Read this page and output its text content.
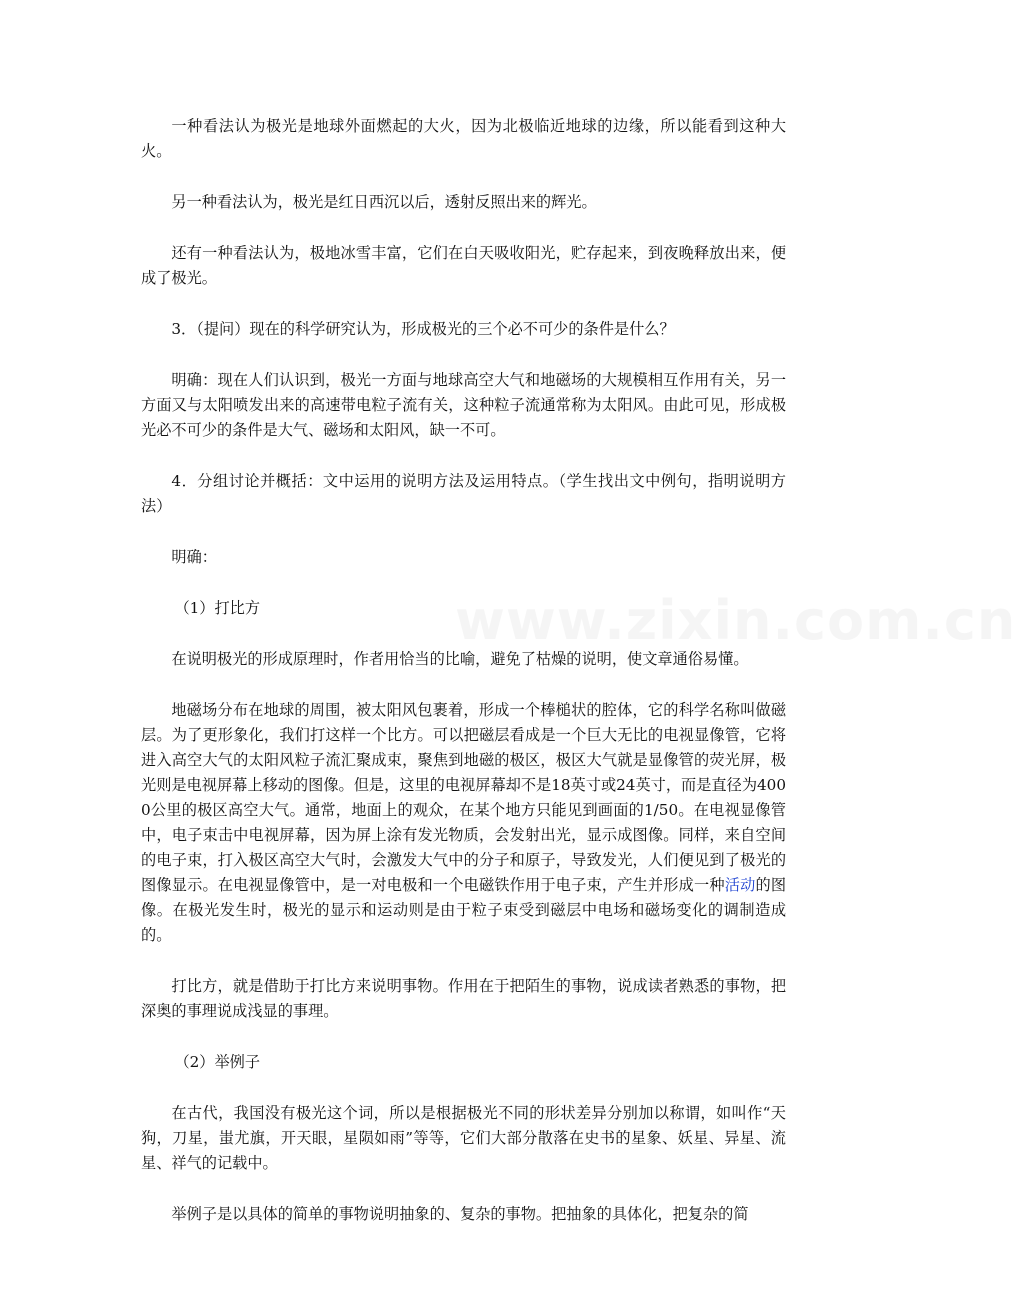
www.zixin.com.cn

一种看法认为极光是地球外面燃起的大火，因为北极临近地球的边缘，所以能看到这种大火。

另一种看法认为，极光是红日西沉以后，透射反照出来的辉光。

还有一种看法认为，极地冰雪丰富，它们在白天吸收阳光，贮存起来，到夜晚释放出来，便成了极光。

3．（提问）现在的科学研究认为，形成极光的三个必不可少的条件是什么？

明确：现在人们认识到，极光一方面与地球高空大气和地磁场的大规模相互作用有关，另一方面又与太阳喷发出来的高速带电粒子流有关，这种粒子流通常称为太阳风。由此可见，形成极光必不可少的条件是大气、磁场和太阳风，缺一不可。

4．分组讨论并概括：文中运用的说明方法及运用特点。（学生找出文中例句，指明说明方法）

明确：

（1）打比方

在说明极光的形成原理时，作者用恰当的比喻，避免了枯燥的说明，使文章通俗易懂。

地磁场分布在地球的周围，被太阳风包裹着，形成一个棒槌状的腔体，它的科学名称叫做磁层。为了更形象化，我们打这样一个比方。可以把磁层看成是一个巨大无比的电视显像管，它将进入高空大气的太阳风粒子流汇聚成束，聚焦到地磁的极区，极区大气就是显像管的荧光屏，极光则是电视屏幕上移动的图像。但是，这里的电视屏幕却不是18英寸或24英寸，而是直径为4000公里的极区高空大气。通常，地面上的观众，在某个地方只能见到画面的1/50。在电视显像管中，电子束击中电视屏幕，因为屏上涂有发光物质，会发射出光，显示成图像。同样，来自空间的电子束，打入极区高空大气时，会激发大气中的分子和原子，导致发光，人们便见到了极光的图像显示。在电视显像管中，是一对电极和一个电磁铁作用于电子束，产生并形成一种活动的图像。在极光发生时，极光的显示和运动则是由于粒子束受到磁层中电场和磁场变化的调制造成的。

打比方，就是借助于打比方来说明事物。作用在于把陌生的事物，说成读者熟悉的事物，把深奥的事理说成浅显的事理。

（2）举例子

在古代，我国没有极光这个词，所以是根据极光不同的形状差异分别加以称谓，如叫作“天狗，刀星，蚩尤旗，开天眼，星陨如雨”等等，它们大部分散落在史书的星象、妖星、异星、流星、祥气的记载中。

举例子是以具体的简单的事物说明抽象的、复杂的事物。把抽象的具体化，把复杂的简
